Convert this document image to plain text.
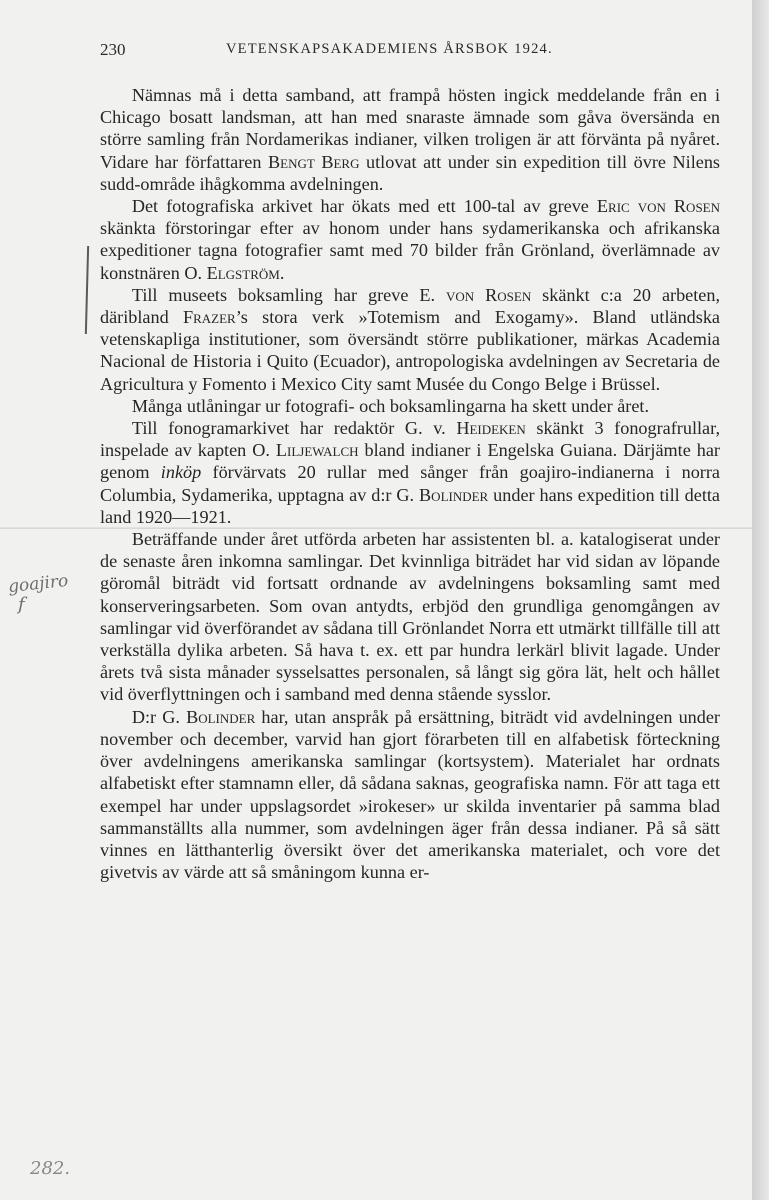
230	VETENSKAPSAKADEMIENS ÅRSBOK 1924.
goajiro
f

Nämnas må i detta samband, att frampå hösten ingick meddelande från en i Chicago bosatt landsman, att han med snaraste ämnade som gåva översända en större samling från Nordamerikas indianer, vilken troligen är att förvänta på nyåret. Vidare har författaren Bengt Berg utlovat att under sin expedition till övre Nilens sudd-område ihågkomma avdelningen.

Det fotografiska arkivet har ökats med ett 100-tal av greve Eric von Rosen skänkta förstoringar efter av honom under hans sydamerikanska och afrikanska expeditioner tagna fotografier samt med 70 bilder från Grönland, överlämnade av konstnären O. Elgström.

Till museets boksamling har greve E. von Rosen skänkt c:a 20 arbeten, däribland Frazer’s stora verk »Totemism and Exogamy». Bland utländska vetenskapliga institutioner, som översändt större publikationer, märkas Academia Nacional de Historia i Quito (Ecuador), antropologiska avdelningen av Secretaria de Agricultura y Fomento i Mexico City samt Musée du Congo Belge i Brüssel.

Många utlåningar ur fotografi- och boksamlingarna ha skett under året.

Till fonogramarkivet har redaktör G. v. Heideken skänkt 3 fonografrullar, inspelade av kapten O. Liljewalch bland indianer i Engelska Guiana. Därjämte har genom inköp förvärvats 20 rullar med sånger från goajiro-indianerna i norra Columbia, Sydamerika, upptagna av d:r G. Bolinder under hans expedition till detta land 1920—1921.

Beträffande under året utförda arbeten har assistenten bl. a. katalogiserat under de senaste åren inkomna samlingar. Det kvinnliga biträdet har vid sidan av löpande göromål biträdt vid fortsatt ordnande av avdelningens boksamling samt med konserveringsarbeten. Som ovan antydts, erbjöd den grundliga genomgången av samlingar vid överförandet av sådana till Grönlandet Norra ett utmärkt tillfälle till att verkställa dylika arbeten. Så hava t. ex. ett par hundra lerkärl blivit lagade. Under årets två sista månader sysselsattes personalen, så långt sig göra lät, helt och hållet vid överflyttningen och i samband med denna stående sysslor.

D:r G. Bolinder har, utan anspråk på ersättning, biträdt vid avdelningen under november och december, varvid han gjort förarbeten till en alfabetisk förteckning över avdelningens amerikanska samlingar (kortsystem). Materialet har ordnats alfabetiskt efter stamnamn eller, då sådana saknas, geografiska namn. För att taga ett exempel har under uppslagsordet »irokeser» ur skilda inventarier på samma blad sammanställts alla nummer, som avdelningen äger från dessa indianer. På så sätt vinnes en lätthanterlig översikt över det amerikanska materialet, och vore det givetvis av värde att så småningom kunna er-

282.
